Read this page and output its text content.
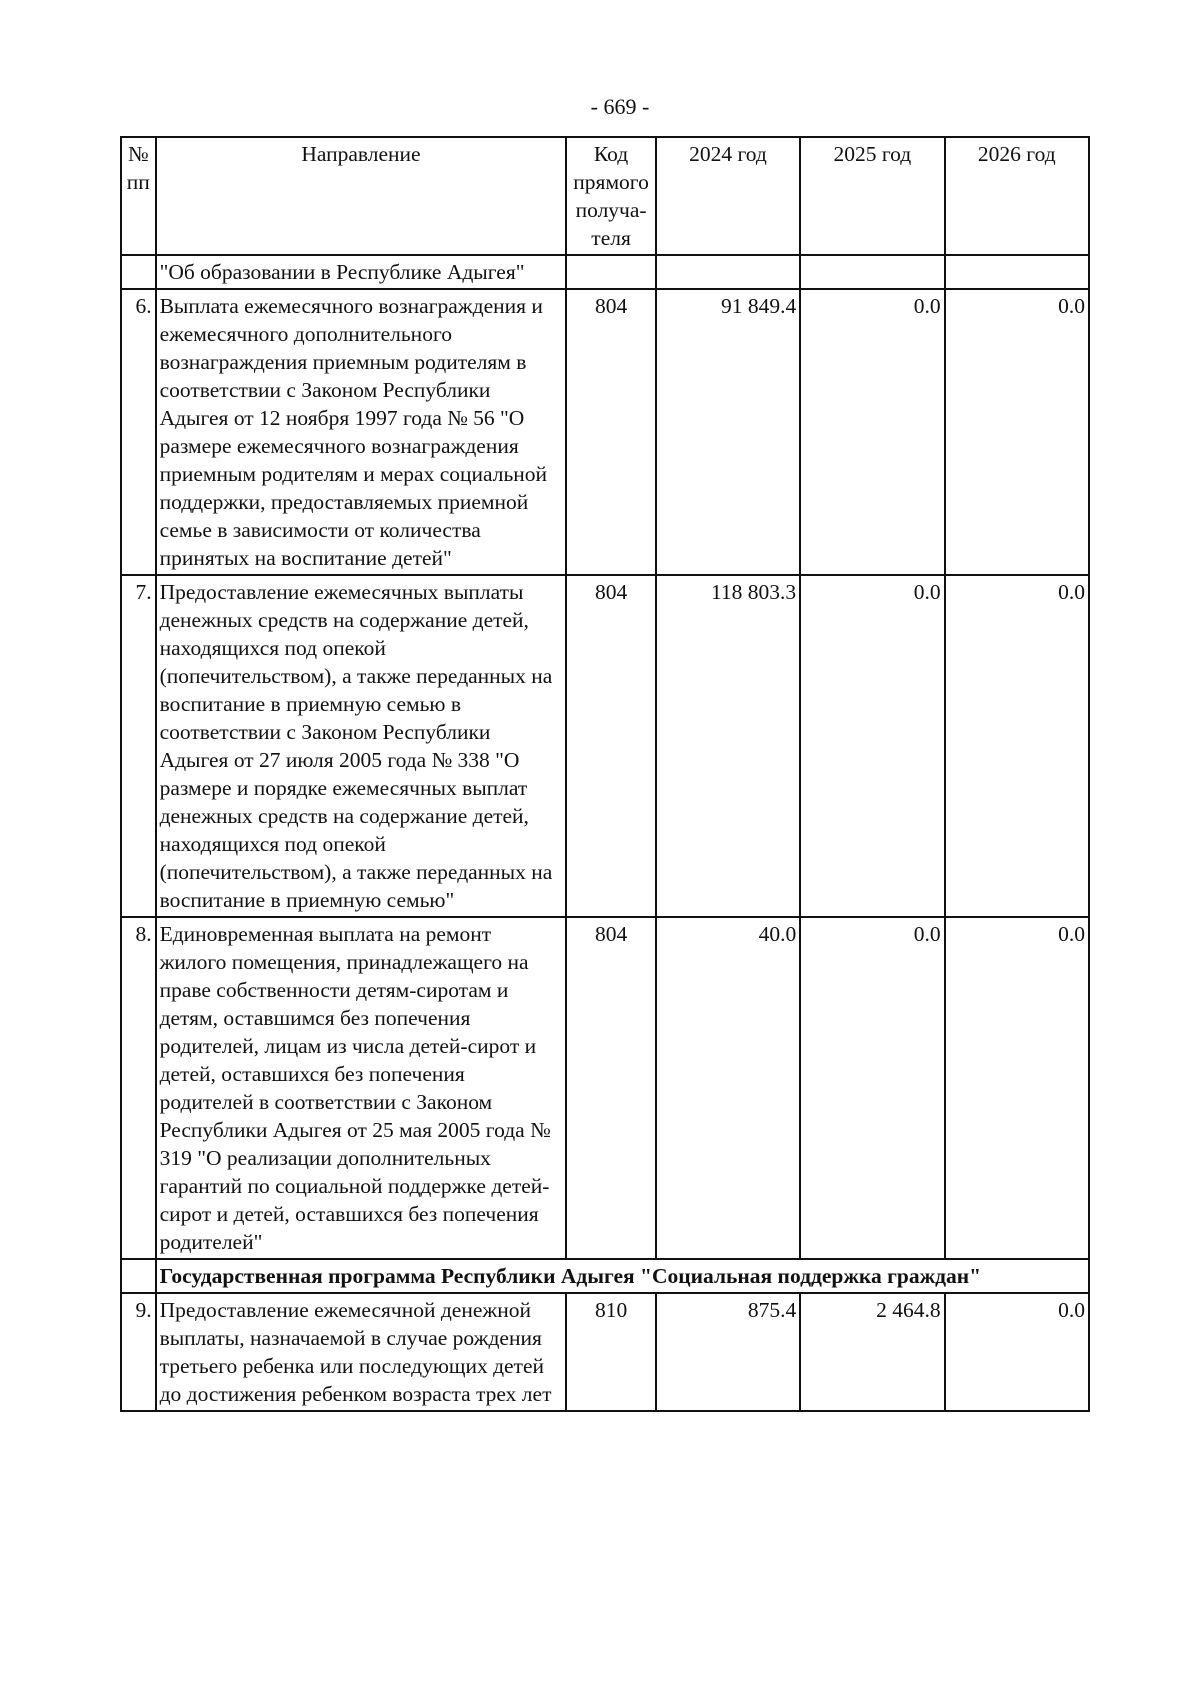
- 669 -
№ пп	Направление	Код прямого получа-теля	2024 год	2025 год	2026 год
	"Об образовании в Республике Адыгея"				
6.	Выплата ежемесячного вознаграждения и ежемесячного дополнительного вознаграждения приемным родителям в соответствии с Законом Республики Адыгея от 12 ноября 1997 года № 56 "О размере ежемесячного вознаграждения приемным родителям и мерах социальной поддержки, предоставляемых приемной семье в зависимости от количества принятых на воспитание детей"	804	91 849.4	0.0	0.0
7.	Предоставление ежемесячных выплаты денежных средств на содержание детей, находящихся под опекой (попечительством), а также переданных на воспитание в приемную семью в соответствии с Законом Республики Адыгея от 27 июля 2005 года № 338 "О размере и порядке ежемесячных выплат денежных средств на содержание детей, находящихся под опекой (попечительством), а также переданных на воспитание в приемную семью"	804	118 803.3	0.0	0.0
8.	Единовременная выплата на ремонт жилого помещения, принадлежащего на праве собственности детям-сиротам и детям, оставшимся без попечения родителей, лицам из числа детей-сирот и детей, оставшихся без попечения родителей в соответствии с Законом Республики Адыгея от 25 мая 2005 года № 319 "О реализации дополнительных гарантий по социальной поддержке детей-сирот и детей, оставшихся без попечения родителей"	804	40.0	0.0	0.0
	Государственная программа Республики Адыгея "Социальная поддержка граждан"				
9.	Предоставление ежемесячной денежной выплаты, назначаемой в случае рождения третьего ребенка или последующих детей до достижения ребенком возраста трех лет	810	875.4	2 464.8	0.0
